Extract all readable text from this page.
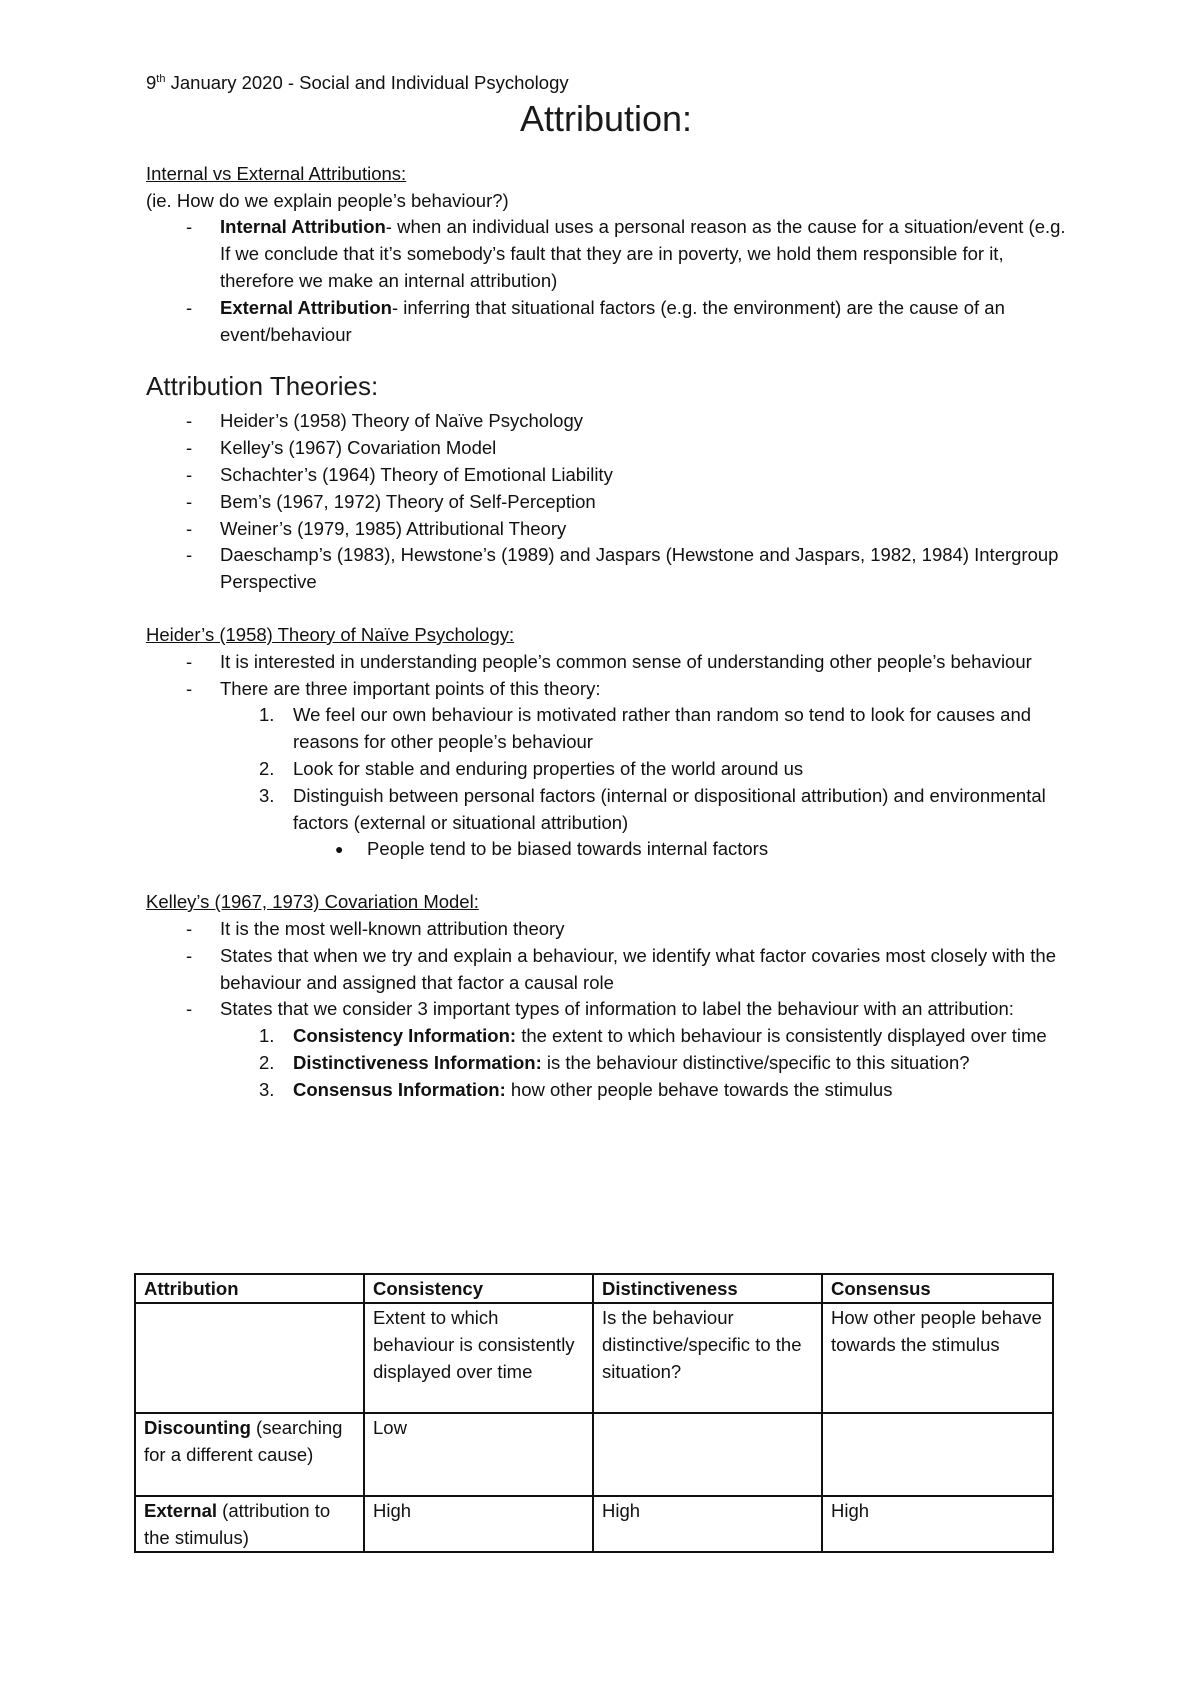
9th January 2020 - Social and Individual Psychology
Attribution:
Internal vs External Attributions:
(ie. How do we explain people’s behaviour?)
- Internal Attribution- when an individual uses a personal reason as the cause for a situation/event (e.g. If we conclude that it’s somebody’s fault that they are in poverty, we hold them responsible for it, therefore we make an internal attribution)
- External Attribution- inferring that situational factors (e.g. the environment) are the cause of an event/behaviour
Attribution Theories:
- Heider’s (1958) Theory of Naïve Psychology
- Kelley’s (1967) Covariation Model
- Schachter’s (1964) Theory of Emotional Liability
- Bem’s (1967, 1972) Theory of Self-Perception
- Weiner’s (1979, 1985) Attributional Theory
- Daeschamp’s (1983), Hewstone’s (1989) and Jaspars (Hewstone and Jaspars, 1982, 1984) Intergroup Perspective
Heider’s (1958) Theory of Naïve Psychology:
- It is interested in understanding people’s common sense of understanding other people’s behaviour
- There are three important points of this theory:
1. We feel our own behaviour is motivated rather than random so tend to look for causes and reasons for other people’s behaviour
2. Look for stable and enduring properties of the world around us
3. Distinguish between personal factors (internal or dispositional attribution) and environmental factors (external or situational attribution)
● People tend to be biased towards internal factors
Kelley’s (1967, 1973) Covariation Model:
- It is the most well-known attribution theory
- States that when we try and explain a behaviour, we identify what factor covaries most closely with the behaviour and assigned that factor a causal role
- States that we consider 3 important types of information to label the behaviour with an attribution:
1. Consistency Information: the extent to which behaviour is consistently displayed over time
2. Distinctiveness Information: is the behaviour distinctive/specific to this situation?
3. Consensus Information: how other people behave towards the stimulus
Attribution	Consistency	Distinctiveness	Consensus
	Extent to which behaviour is consistently displayed over time	Is the behaviour distinctive/specific to the situation?	How other people behave towards the stimulus
Discounting (searching for a different cause)	Low		
External (attribution to the stimulus)	High	High	High
